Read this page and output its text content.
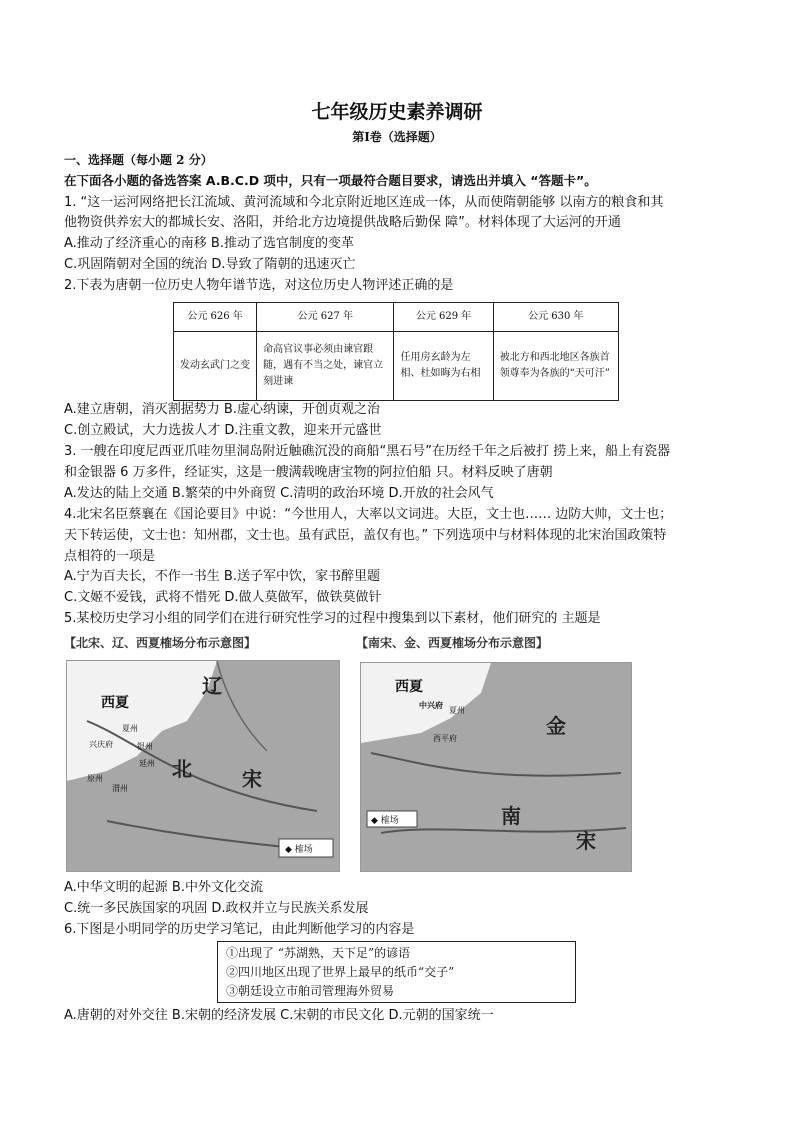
七年级历史素养调研
第Ⅰ卷（选择题）
一、选择题（每小题 2 分）
在下面各小题的备选答案 A.B.C.D 项中，只有一项最符合题目要求，请选出并填入 “答题卡”。
1. “这一运河网络把长江流域、黄河流域和今北京附近地区连成一体，从而使隋朝能够 以南方的粮食和其
他物资供养宏大的都城长安、洛阳，并给北方边境提供战略后勤保 障”。材料体现了大运河的开通
A.推动了经济重心的南移 B.推动了选官制度的变革
C.巩固隋朝对全国的统治 D.导致了隋朝的迅速灭亡
2.下表为唐朝一位历史人物年谱节选，对这位历史人物评述正确的是
公元 626 年	公元 627 年	公元 629 年	公元 630 年
发动玄武门之变	命高官议事必须由谏官跟随，遇有不当之处，谏官立刻进谏	任用房玄龄为左相、杜如晦为右相	被北方和西北地区各族首领尊奉为各族的“天可汗”
A.建立唐朝，消灭割据势力 B.虚心纳谏，开创贞观之治
C.创立殿试，大力选拔人才 D.注重文教，迎来开元盛世
3. 一艘在印度尼西亚爪哇勿里洞岛附近触礁沉没的商船“黑石号”在历经千年之后被打 捞上来，船上有瓷器
和金银器 6 万多件，经证实，这是一艘满载晚唐宝物的阿拉伯船 只。材料反映了唐朝
A.发达的陆上交通 B.繁荣的中外商贸 C.清明的政治环境 D.开放的社会风气
4.北宋名臣蔡襄在《国论要目》中说：“今世用人，大率以文词进。大臣，文士也…… 边防大帅，文士也；
天下转运使，文士也：知州郡，文士也。虽有武臣，盖仅有也。” 下列选项中与材料体现的北宋治国政策特
点相符的一项是
A.宁为百夫长，不作一书生 B.送子军中饮，家书醉里题
C.文姬不爱钱，武将不惜死 D.做人莫做军，做铁莫做针
5.某校历史学习小组的同学们在进行研究性学习的过程中搜集到以下素材，他们研究的 主题是
【北宋、辽、西夏榷场分布示意图】
西夏
辽
北	宋
兴庆府
夏州
银州
延州
原州
渭州
◆ 榷场
【南宋、金、西夏榷场分布示意图】
西夏
金
南
宋
中兴府
夏州
西平府
◆ 榷场
A.中华文明的起源 B.中外文化交流
C.统一多民族国家的巩固 D.政权并立与民族关系发展
6.下图是小明同学的历史学习笔记，由此判断他学习的内容是
①出现了 “苏湖熟，天下足”的谚语
②四川地区出现了世界上最早的纸币“交子”
③朝廷设立市舶司管理海外贸易
A.唐朝的对外交往 B.宋朝的经济发展 C.宋朝的市民文化 D.元朝的国家统一
